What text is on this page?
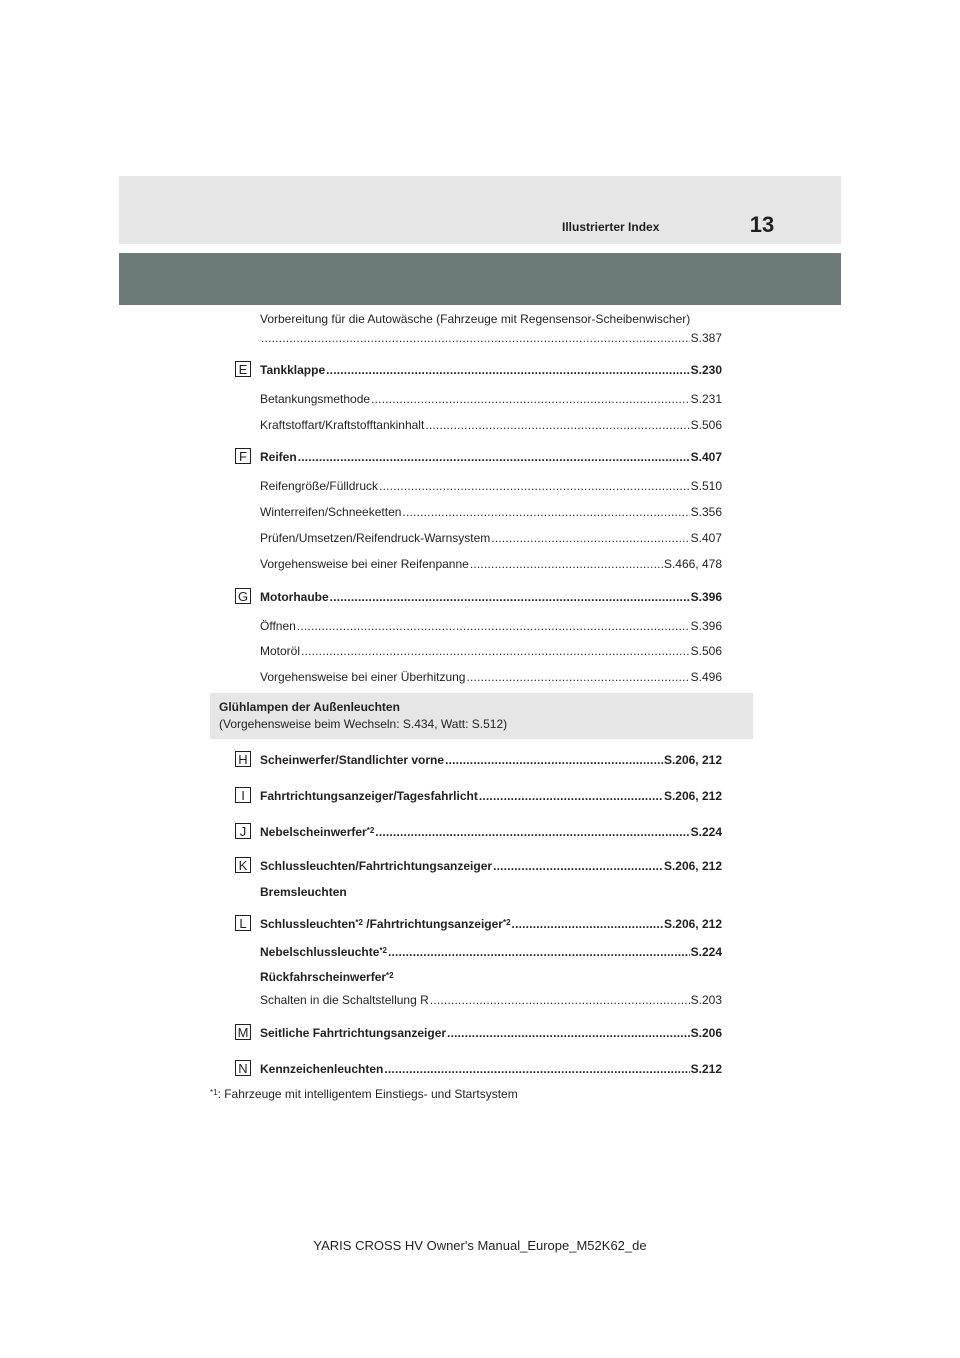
Illustrierter Index	13
Vorbereitung für die Autowäsche (Fahrzeuge mit Regensensor-Scheibenwischer)
.....
S.387
E	Tankklappe .....	S.230
Betankungsmethode .....	S.231
Kraftstoffart/Kraftstofftankinhalt .....	S.506
F	Reifen .....	S.407
Reifengröße/Fülldruck .....	S.510
Winterreifen/Schneeketten .....	S.356
Prüfen/Umsetzen/Reifendruck-Warnsystem .....	S.407
Vorgehensweise bei einer Reifenpanne .....	S.466, 478
G Motorhaube .....	S.396
Öffnen .....	S.396
Motoröl .....	S.506
Vorgehensweise bei einer Überhitzung .....	S.496
Glühlampen der Außenleuchten
(Vorgehensweise beim Wechseln: S.434, Watt: S.512)
H Scheinwerfer/Standlichter vorne .....	S.206, 212
I	Fahrtrichtungsanzeiger/Tagesfahrlicht .....	S.206, 212
J	Nebelscheinwerfer$^{*2}$ .....	S.224
K	Schlussleuchten/Fahrtrichtungsanzeiger .....	S.206, 212
Bremsleuchten
L	Schlussleuchten$^{*2}$ /Fahrtrichtungsanzeiger$^{*2}$ .....	S.206, 212
Nebelschlussleuchte$^{*2}$ .....	S.224
Rückfahrscheinwerfer$^{*2}$
Schalten in die Schaltstellung R .....	S.203
M Seitliche Fahrtrichtungsanzeiger .....	S.206
N Kennzeichenleuchten .....	S.212
$^{*1}$: Fahrzeuge mit intelligentem Einstiegs- und Startsystem
YARIS CROSS HV Owner's Manual_Europe_M52K62_de
